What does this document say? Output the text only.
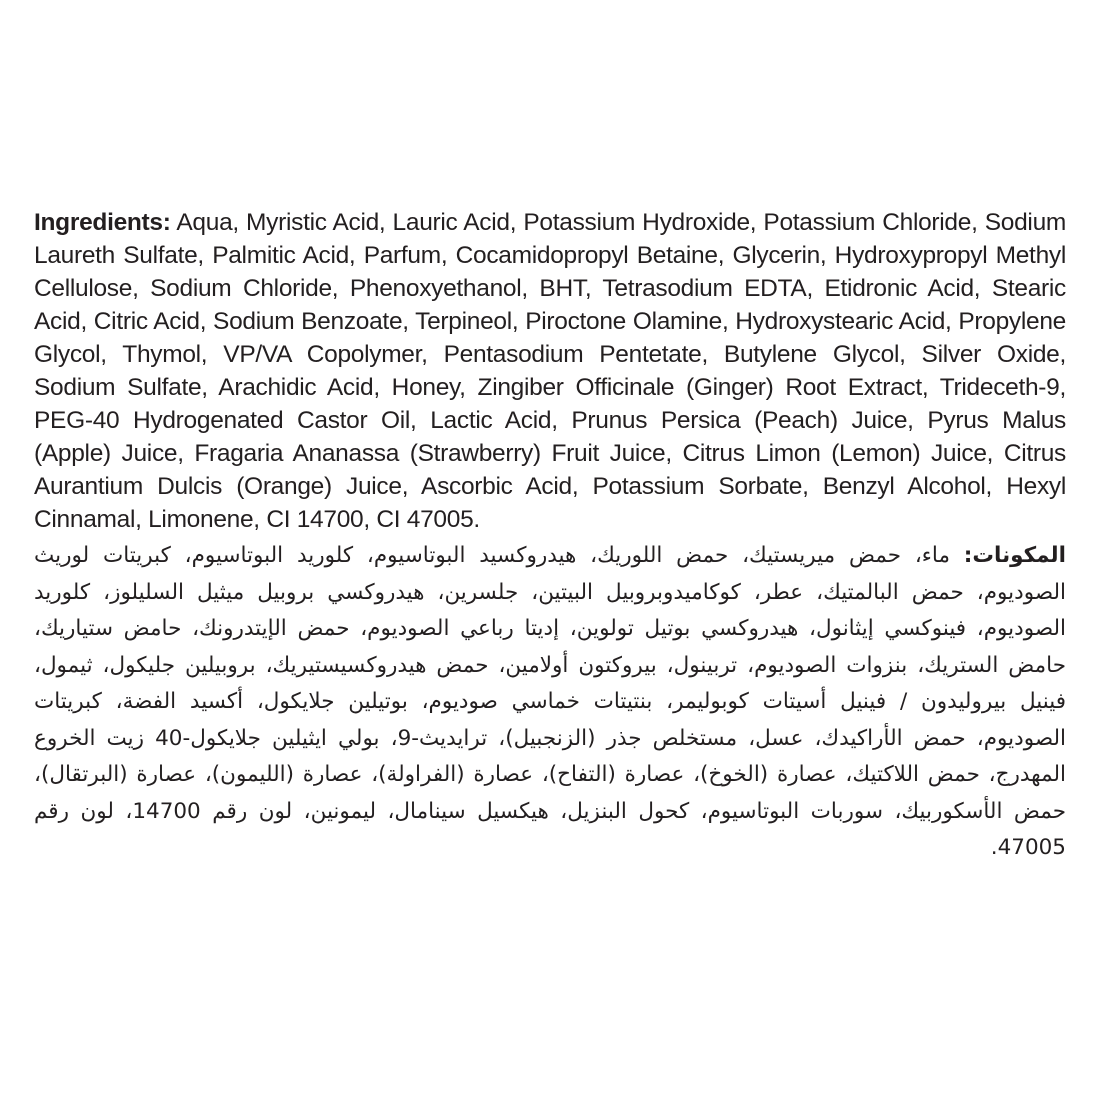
Ingredients: Aqua, Myristic Acid, Lauric Acid, Potassium Hydroxide, Potassium Chloride, Sodium Laureth Sulfate, Palmitic Acid, Parfum, Cocamidopropyl Betaine, Glycerin, Hydroxypropyl Methyl Cellulose, Sodium Chloride, Phenoxyethanol, BHT, Tetrasodium EDTA, Etidronic Acid, Stearic Acid, Citric Acid, Sodium Benzoate, Terpineol, Piroctone Olamine, Hydroxystearic Acid, Propylene Glycol, Thymol, VP/VA Copolymer, Pentasodium Pentetate, Butylene Glycol, Silver Oxide, Sodium Sulfate, Arachidic Acid, Honey, Zingiber Officinale (Ginger) Root Extract, Trideceth-9, PEG-40 Hydrogenated Castor Oil, Lactic Acid, Prunus Persica (Peach) Juice, Pyrus Malus (Apple) Juice, Fragaria Ananassa (Strawberry) Fruit Juice, Citrus Limon (Lemon) Juice, Citrus Aurantium Dulcis (Orange) Juice, Ascorbic Acid, Potassium Sorbate, Benzyl Alcohol, Hexyl Cinnamal, Limonene, CI 14700, CI 47005.

المكونات: ماء، حمض ميريستيك، حمض اللوريك، هيدروكسيد البوتاسيوم، كلوريد البوتاسيوم، كبريتات لوريث الصوديوم، حمض البالمتيك، عطر، كوكاميدوبروبيل البيتين، جلسرين، هيدروكسي بروبيل ميثيل السليلوز، كلوريد الصوديوم، فينوكسي إيثانول، هيدروكسي بوتيل تولوين، إديتا رباعي الصوديوم، حمض الإيتدرونك، حامض ستياريك، حامض الستريك، بنزوات الصوديوم، تربينول، بيروكتون أولامين، حمض هيدروكسيستيريك، بروبيلين جليكول، ثيمول، فينيل بيروليدون / فينيل أسيتات كوبوليمر، بنتيتات خماسي صوديوم، بوتيلين جلايكول، أكسيد الفضة، كبريتات الصوديوم، حمض الأراكيدك، عسل، مستخلص جذر (الزنجبيل)، ترايديث-9، بولي ايثيلين جلايكول-40 زيت الخروع المهدرج، حمض اللاكتيك، عصارة (الخوخ)، عصارة (التفاح)، عصارة (الفراولة)، عصارة (الليمون)، عصارة (البرتقال)، حمض الأسكوربيك، سوربات البوتاسيوم، كحول البنزيل، هيكسيل سينامال، ليمونين، لون رقم 14700، لون رقم 47005.
